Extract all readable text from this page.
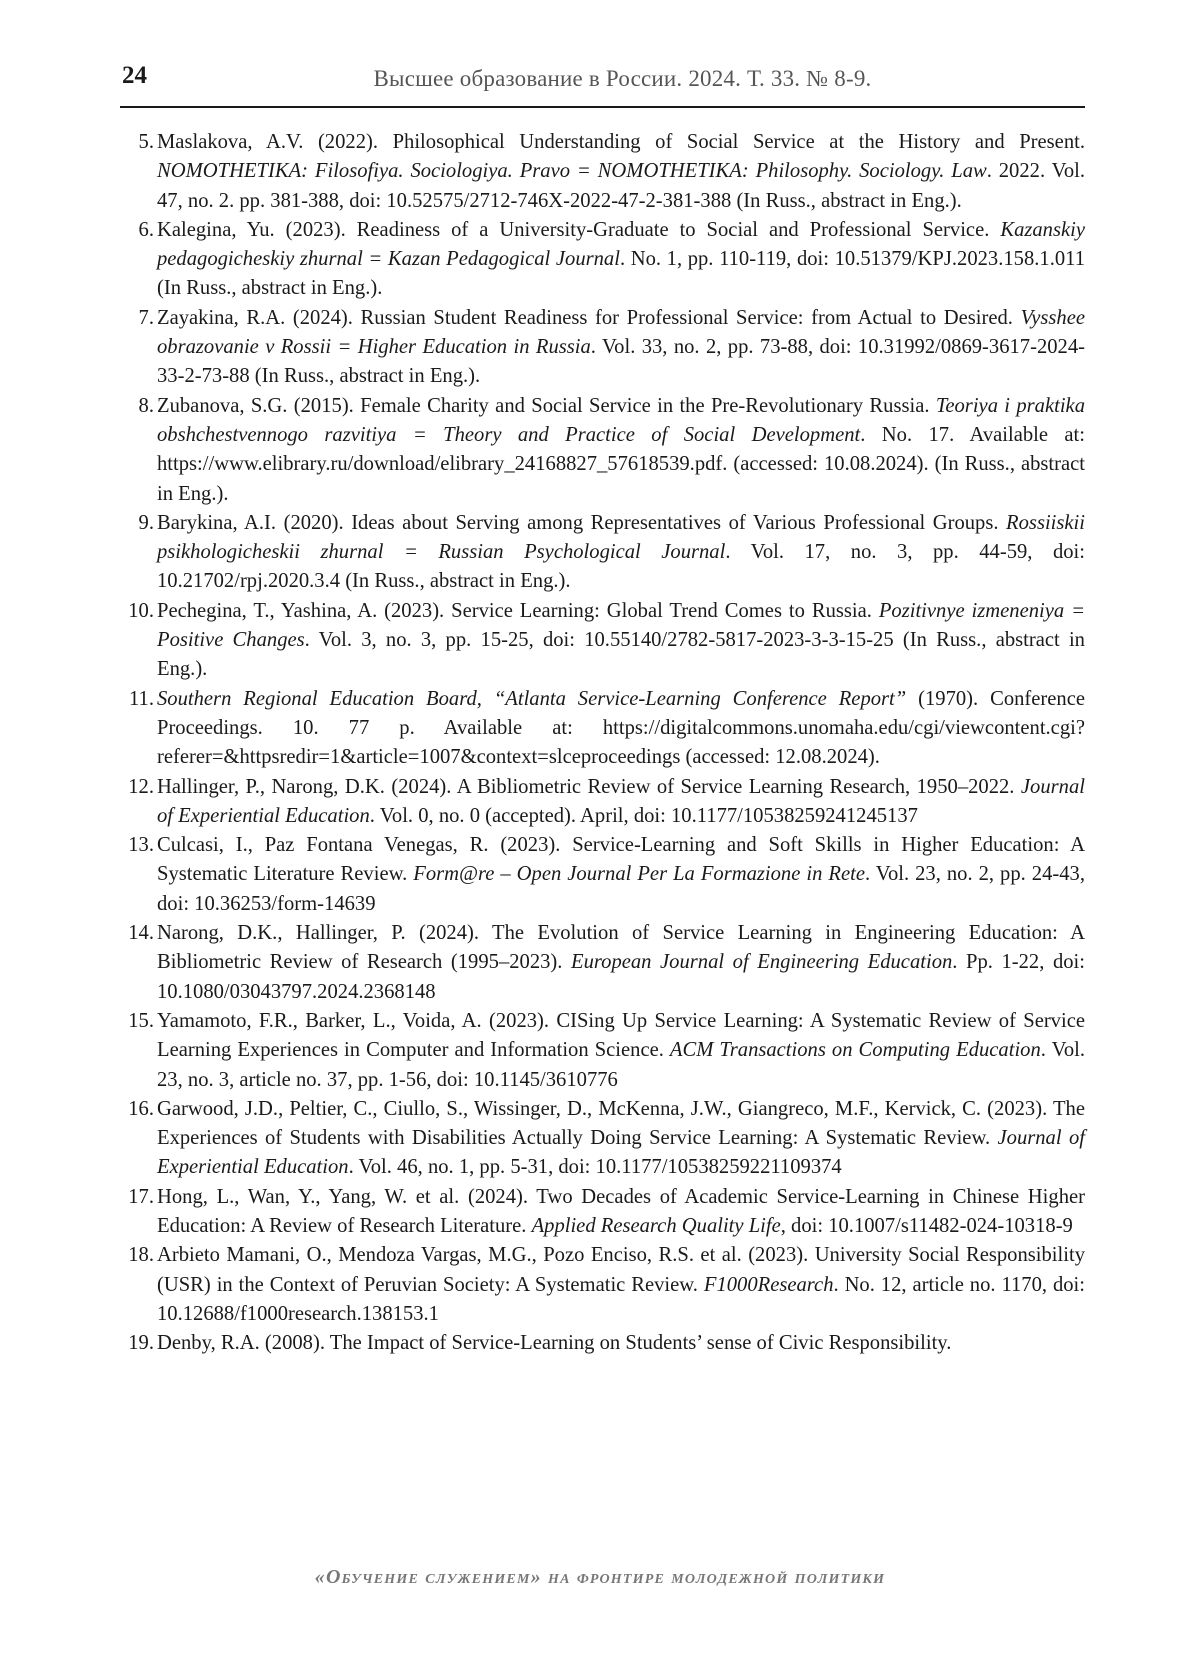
24	Высшее образование в России. 2024. Т. 33. № 8-9.
5. Maslakova, A.V. (2022). Philosophical Understanding of Social Service at the History and Present. NOMOTHETIKA: Filosofiya. Sociologiya. Pravo = NOMOTHETIKA: Philosophy. Sociology. Law. 2022. Vol. 47, no. 2. pp. 381-388, doi: 10.52575/2712-746X-2022-47-2-381-388 (In Russ., abstract in Eng.).
6. Kalegina, Yu. (2023). Readiness of a University-Graduate to Social and Professional Service. Kazanskiy pedagogicheskiy zhurnal = Kazan Pedagogical Journal. No. 1, pp. 110-119, doi: 10.51379/KPJ.2023.158.1.011 (In Russ., abstract in Eng.).
7. Zayakina, R.A. (2024). Russian Student Readiness for Professional Service: from Actual to Desired. Vysshee obrazovanie v Rossii = Higher Education in Russia. Vol. 33, no. 2, pp. 73-88, doi: 10.31992/0869-3617-2024-33-2-73-88 (In Russ., abstract in Eng.).
8. Zubanova, S.G. (2015). Female Charity and Social Service in the Pre-Revolutionary Russia. Teoriya i praktika obshchestvennogo razvitiya = Theory and Practice of Social Development. No. 17. Available at: https://www.elibrary.ru/download/elibrary_24168827_57618539.pdf. (accessed: 10.08.2024). (In Russ., abstract in Eng.).
9. Barykina, A.I. (2020). Ideas about Serving among Representatives of Various Professional Groups. Rossiiskii psikhologicheskii zhurnal = Russian Psychological Journal. Vol. 17, no. 3, pp. 44-59, doi: 10.21702/rpj.2020.3.4 (In Russ., abstract in Eng.).
10. Pechegina, T., Yashina, A. (2023). Service Learning: Global Trend Comes to Russia. Pozitivnye izmeneniya = Positive Changes. Vol. 3, no. 3, pp. 15-25, doi: 10.55140/2782-5817-2023-3-3-15-25 (In Russ., abstract in Eng.).
11. Southern Regional Education Board, “Atlanta Service-Learning Conference Report” (1970). Conference Proceedings. 10. 77 p. Available at: https://digitalcommons.unomaha.edu/cgi/viewcontent.cgi?referer=&httpsredir=1&article=1007&context=slceproceedings (accessed: 12.08.2024).
12. Hallinger, P., Narong, D.K. (2024). A Bibliometric Review of Service Learning Research, 1950–2022. Journal of Experiential Education. Vol. 0, no. 0 (accepted). April, doi: 10.1177/10538259241245137
13. Culcasi, I., Paz Fontana Venegas, R. (2023). Service-Learning and Soft Skills in Higher Education: A Systematic Literature Review. Form@re – Open Journal Per La Formazione in Rete. Vol. 23, no. 2, pp. 24-43, doi: 10.36253/form-14639
14. Narong, D.K., Hallinger, P. (2024). The Evolution of Service Learning in Engineering Education: A Bibliometric Review of Research (1995–2023). European Journal of Engineering Education. Pp. 1-22, doi: 10.1080/03043797.2024.2368148
15. Yamamoto, F.R., Barker, L., Voida, A. (2023). CISing Up Service Learning: A Systematic Review of Service Learning Experiences in Computer and Information Science. ACM Transactions on Computing Education. Vol. 23, no. 3, article no. 37, pp. 1-56, doi: 10.1145/3610776
16. Garwood, J.D., Peltier, C., Ciullo, S., Wissinger, D., McKenna, J.W., Giangreco, M.F., Kervick, C. (2023). The Experiences of Students with Disabilities Actually Doing Service Learning: A Systematic Review. Journal of Experiential Education. Vol. 46, no. 1, pp. 5-31, doi: 10.1177/10538259221109374
17. Hong, L., Wan, Y., Yang, W. et al. (2024). Two Decades of Academic Service-Learning in Chinese Higher Education: A Review of Research Literature. Applied Research Quality Life, doi: 10.1007/s11482-024-10318-9
18. Arbieto Mamani, O., Mendoza Vargas, M.G., Pozo Enciso, R.S. et al. (2023). University Social Responsibility (USR) in the Context of Peruvian Society: A Systematic Review. F1000Research. No. 12, article no. 1170, doi: 10.12688/f1000research.138153.1
19. Denby, R.A. (2008). The Impact of Service-Learning on Students’ sense of Civic Responsibility.
«Обучение служением» на фронтире молодежной политики
